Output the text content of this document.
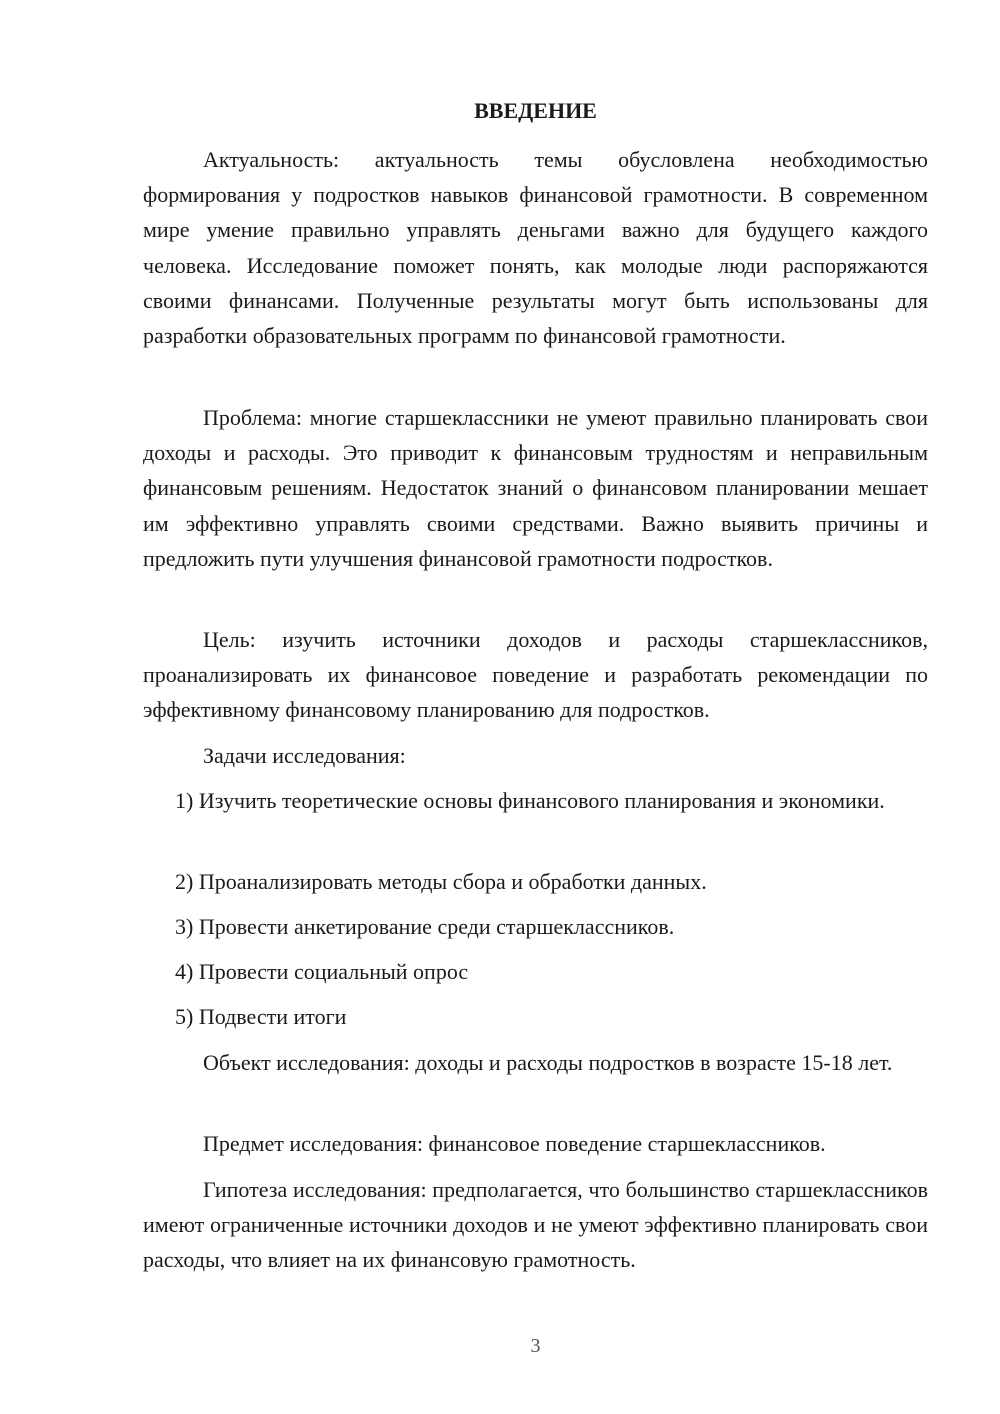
ВВЕДЕНИЕ

Актуальность: актуальность темы обусловлена необходимостью формирования у подростков навыков финансовой грамотности. В современном мире умение правильно управлять деньгами важно для будущего каждого человека. Исследование поможет понять, как молодые люди распоряжаются своими финансами. Полученные результаты могут быть использованы для разработки образовательных программ по финансовой грамотности.

Проблема: многие старшеклассники не умеют правильно планировать свои доходы и расходы. Это приводит к финансовым трудностям и неправильным финансовым решениям. Недостаток знаний о финансовом планировании мешает им эффективно управлять своими средствами. Важно выявить причины и предложить пути улучшения финансовой грамотности подростков.

Цель: изучить источники доходов и расходы старшеклассников, проанализировать их финансовое поведение и разработать рекомендации по эффективному финансовому планированию для подростков.

Задачи исследования:

1) Изучить теоретические основы финансового планирования и экономики.

2) Проанализировать методы сбора и обработки данных.

3) Провести анкетирование среди старшеклассников.

4) Провести социальный опрос

5) Подвести итоги

Объект исследования: доходы и расходы подростков в возрасте 15-18 лет.

Предмет исследования: финансовое поведение старшеклассников.

Гипотеза исследования: предполагается, что большинство старшеклассников имеют ограниченные источники доходов и не умеют эффективно планировать свои расходы, что влияет на их финансовую грамотность.

3
